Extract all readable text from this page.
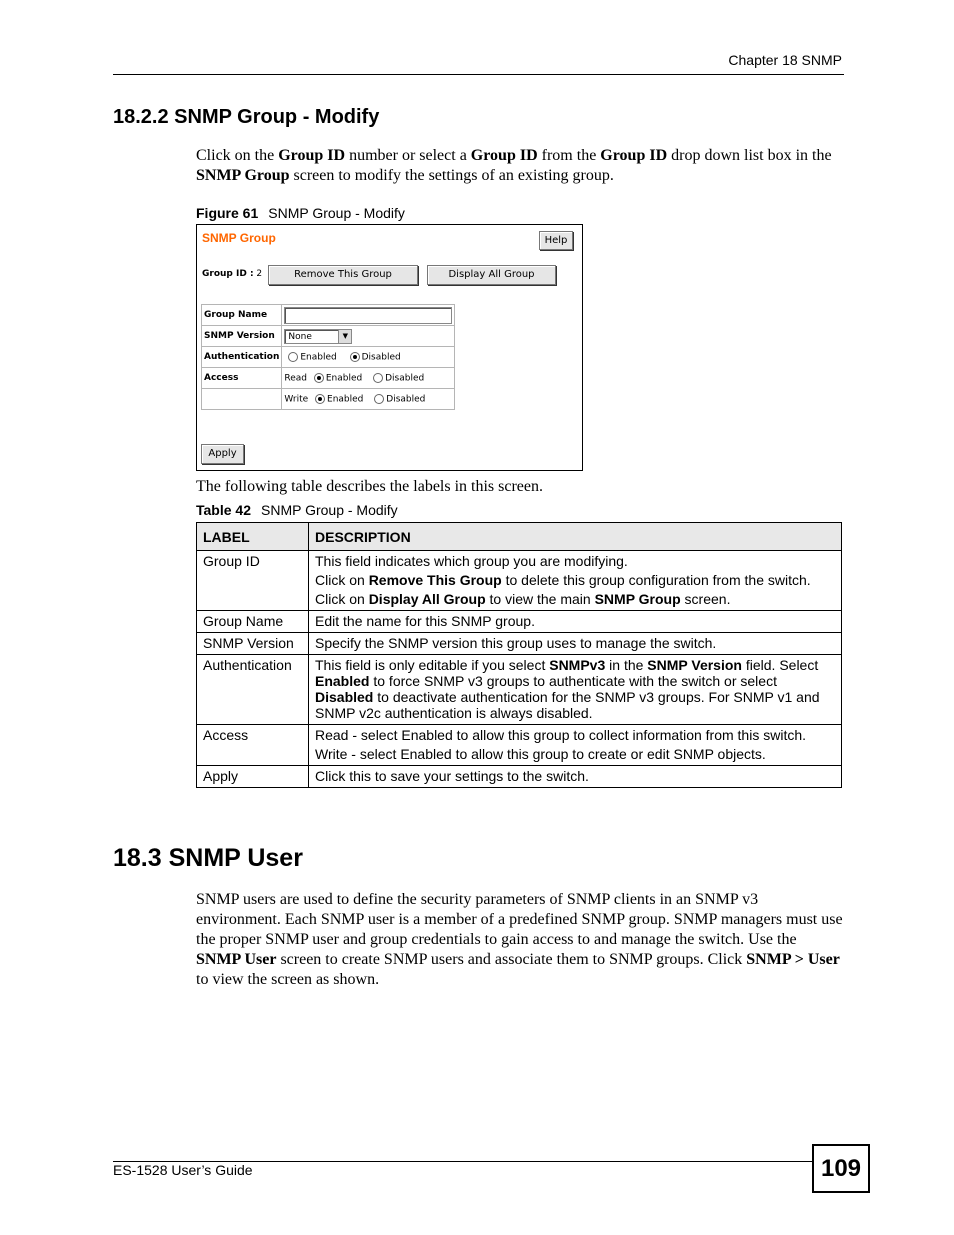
Chapter 18 SNMP
18.2.2 SNMP Group - Modify
Click on the Group ID number or select a Group ID from the Group ID drop down list box in the SNMP Group screen to modify the settings of an existing group.
Figure 61 SNMP Group - Modify
SNMP Group	Help
Group ID : 2	Remove This Group	Display All Group
Group Name	
SNMP Version	None ▼

Authentication	Enabled Disabled
Access	Read Enabled Disabled
	Write Enabled Disabled
Apply
The following table describes the labels in this screen.
Table 42 SNMP Group - Modify
LABEL	DESCRIPTION
Group ID	This field indicates which group you are modifying.

Click on Remove This Group to delete this group configuration from the switch.

Click on Display All Group to view the main SNMP Group screen.

Group Name	Edit the name for this SNMP group.

SNMP Version	Specify the SNMP version this group uses to manage the switch.

Authentication	This field is only editable if you select SNMPv3 in the SNMP Version field. Select Enabled to force SNMP v3 groups to authenticate with the switch or select Disabled to deactivate authentication for the SNMP v3 groups. For SNMP v1 and SNMP v2c authentication is always disabled.

Access	Read - select Enabled to allow this group to collect information from this switch.

Write - select Enabled to allow this group to create or edit SNMP objects.

Apply	Click this to save your settings to the switch.

18.3 SNMP User
SNMP users are used to define the security parameters of SNMP clients in an SNMP v3 environment. Each SNMP user is a member of a predefined SNMP group. SNMP managers must use the proper SNMP user and group credentials to gain access to and manage the switch. Use the SNMP User screen to create SNMP users and associate them to SNMP groups. Click SNMP > User to view the screen as shown.
ES-1528 User’s Guide	109
